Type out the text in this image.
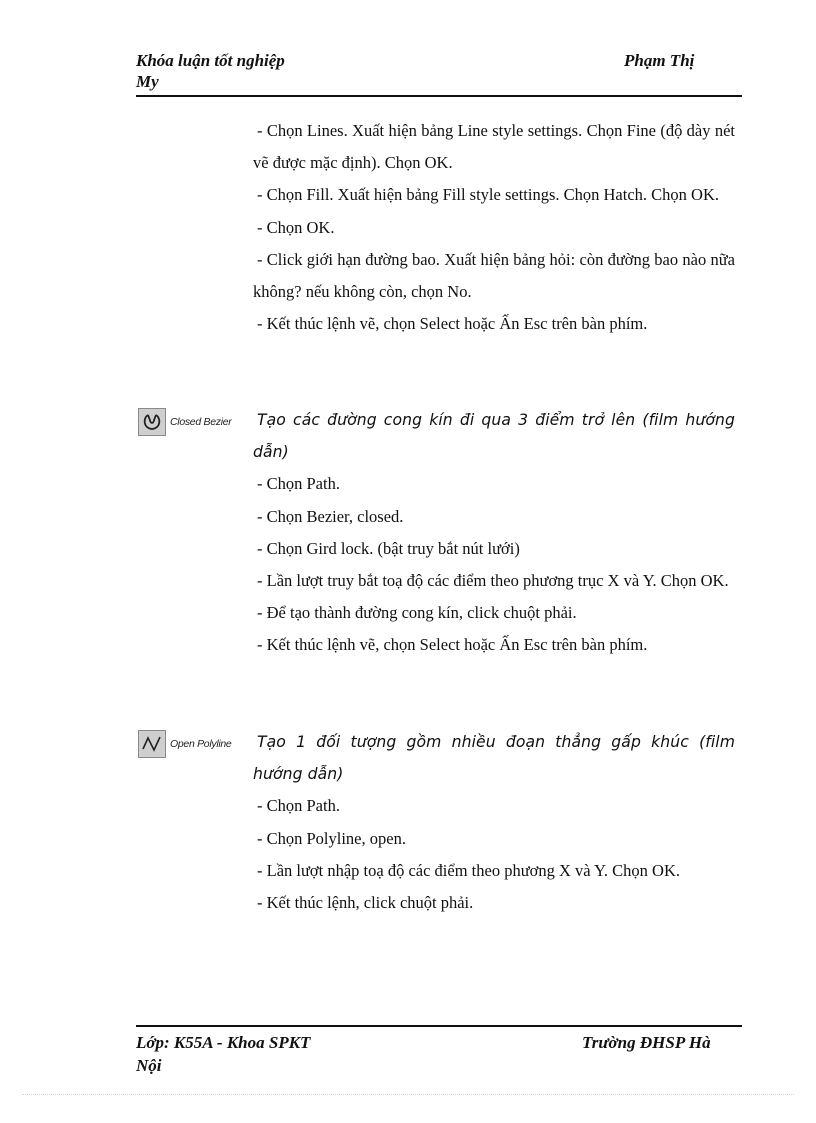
Khóa luận tốt nghiệp
My
Phạm Thị

- Chọn Lines. Xuất hiện bảng Line style settings. Chọn Fine (độ dày nét vẽ được mặc định). Chọn OK.

- Chọn Fill. Xuất hiện bảng Fill style settings. Chọn Hatch. Chọn OK.

- Chọn OK.

- Click giới hạn đường bao. Xuất hiện bảng hỏi: còn đường bao nào nữa không? nếu không còn, chọn No.

- Kết thúc lệnh vẽ, chọn Select hoặc Ấn Esc trên bàn phím.

Closed Bezier Tạo các đường cong kín đi qua 3 điểm trở lên (film hướng dẫn)

- Chọn Path.

- Chọn Bezier, closed.

- Chọn Gird lock. (bật truy bắt nút lưới)

- Lần lượt truy bắt toạ độ các điểm theo phương trục X và Y. Chọn OK.

- Để tạo thành đường cong kín, click chuột phải.

- Kết thúc lệnh vẽ, chọn Select hoặc Ấn Esc trên bàn phím.

Open Polyline Tạo 1 đối tượng gồm nhiều đoạn thẳng gấp khúc (film hướng dẫn)

- Chọn Path.

- Chọn Polyline, open.

- Lần lượt nhập toạ độ các điểm theo phương X và Y. Chọn OK.

- Kết thúc lệnh, click chuột phải.

Lớp: K55A - Khoa SPKT
Nội
Trường ĐHSP Hà
